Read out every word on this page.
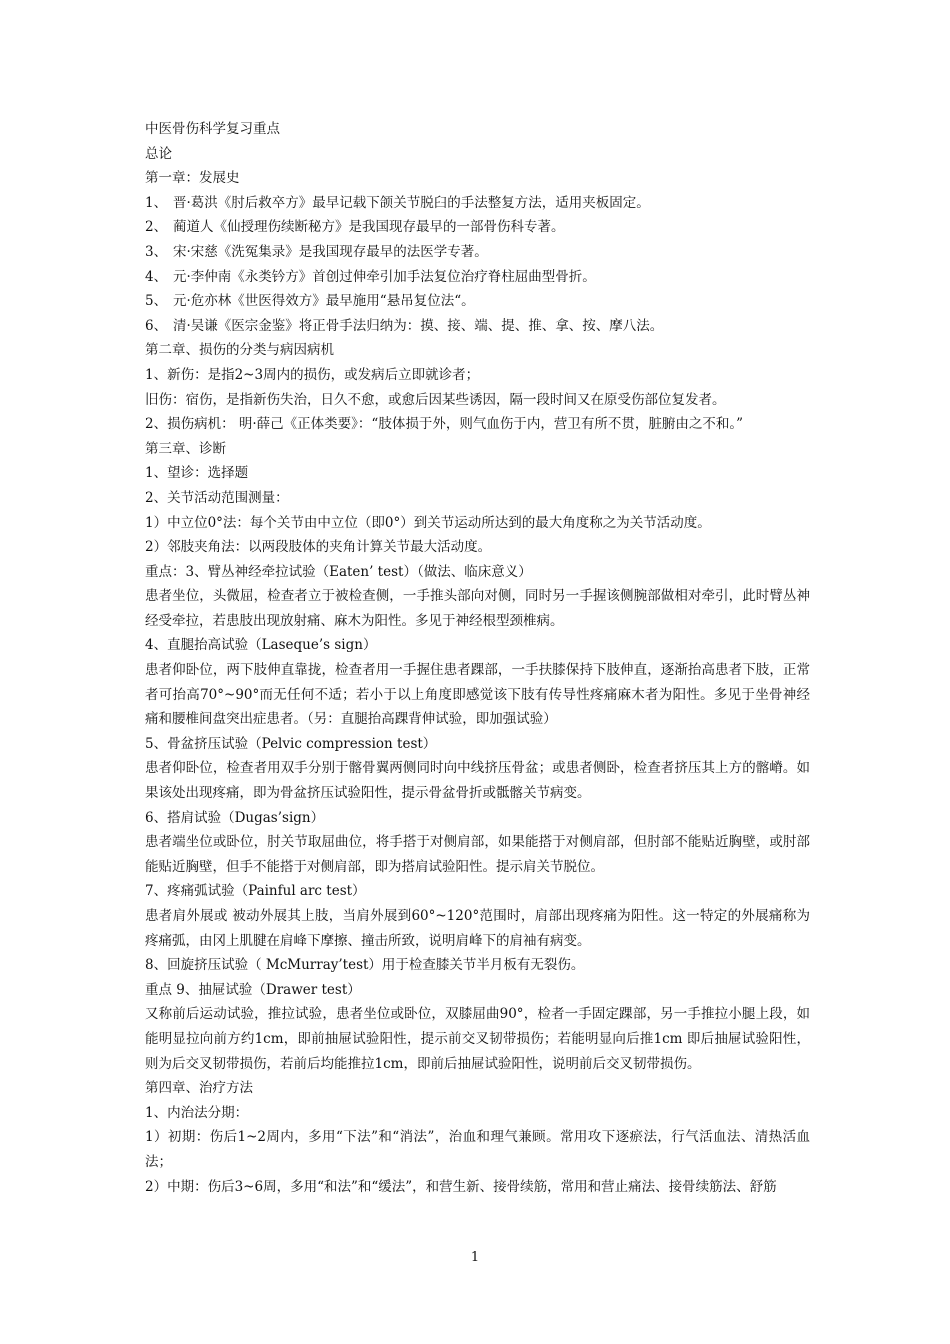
中医骨伤科学复习重点
总论
第一章：发展史
1、 晋·葛洪《肘后救卒方》最早记载下颌关节脱臼的手法整复方法，适用夹板固定。
2、 蔺道人《仙授理伤续断秘方》是我国现存最早的一部骨伤科专著。
3、 宋·宋慈《洗冤集录》是我国现存最早的法医学专著。
4、 元·李仲南《永类钤方》首创过伸牵引加手法复位治疗脊柱屈曲型骨折。
5、 元·危亦林《世医得效方》最早施用“悬吊复位法“。
6、 清·吴谦《医宗金鉴》将正骨手法归纳为：摸、接、端、提、推、拿、按、摩八法。
第二章、损伤的分类与病因病机
1、新伤：是指2~3周内的损伤，或发病后立即就诊者；
旧伤：宿伤，是指新伤失治，日久不愈，或愈后因某些诱因，隔一段时间又在原受伤部位复发者。
2、损伤病机： 明·薛己《正体类要》：“肢体损于外，则气血伤于内，营卫有所不贯，脏腑由之不和。”
第三章、诊断
1、望诊：选择题
2、关节活动范围测量：
1）中立位0°法：每个关节由中立位（即0°）到关节运动所达到的最大角度称之为关节活动度。
2）邻肢夹角法：以两段肢体的夹角计算关节最大活动度。
重点：3、臂丛神经牵拉试验（Eaten’ test）（做法、临床意义）
患者坐位，头微屈，检查者立于被检查侧，一手推头部向对侧，同时另一手握该侧腕部做相对牵引，此时臂丛神经受牵拉，若患肢出现放射痛、麻木为阳性。多见于神经根型颈椎病。
4、直腿抬高试验（Laseque’s sign）
患者仰卧位，两下肢伸直靠拢，检查者用一手握住患者踝部，一手扶膝保持下肢伸直，逐渐抬高患者下肢，正常者可抬高70°~90°而无任何不适；若小于以上角度即感觉该下肢有传导性疼痛麻木者为阳性。多见于坐骨神经痛和腰椎间盘突出症患者。（另：直腿抬高踝背伸试验，即加强试验）
5、骨盆挤压试验（Pelvic compression test）
患者仰卧位，检查者用双手分别于髂骨翼两侧同时向中线挤压骨盆；或患者侧卧，检查者挤压其上方的髂嵴。如果该处出现疼痛，即为骨盆挤压试验阳性，提示骨盆骨折或骶髂关节病变。
6、搭肩试验（Dugas’sign）
患者端坐位或卧位，肘关节取屈曲位，将手搭于对侧肩部，如果能搭于对侧肩部，但肘部不能贴近胸壁，或肘部能贴近胸壁，但手不能搭于对侧肩部，即为搭肩试验阳性。提示肩关节脱位。
7、疼痛弧试验（Painful arc test）
患者肩外展或 被动外展其上肢，当肩外展到60°~120°范围时，肩部出现疼痛为阳性。这一特定的外展痛称为疼痛弧，由冈上肌腱在肩峰下摩擦、撞击所致，说明肩峰下的肩袖有病变。
8、回旋挤压试验（ McMurray’test）用于检查膝关节半月板有无裂伤。
重点 9、抽屉试验（Drawer test）
又称前后运动试验，推拉试验，患者坐位或卧位，双膝屈曲90°，检者一手固定踝部，另一手推拉小腿上段，如能明显拉向前方约1cm，即前抽屉试验阳性，提示前交叉韧带损伤；若能明显向后推1cm 即后抽屉试验阳性，则为后交叉韧带损伤，若前后均能推拉1cm，即前后抽屉试验阳性，说明前后交叉韧带损伤。
第四章、治疗方法
1、内治法分期：
1）初期：伤后1~2周内，多用“下法”和“消法”，治血和理气兼顾。常用攻下逐瘀法，行气活血法、清热活血法；
2）中期：伤后3~6周，多用“和法”和“缓法”，和营生新、接骨续筋，常用和营止痛法、接骨续筋法、舒筋
1
